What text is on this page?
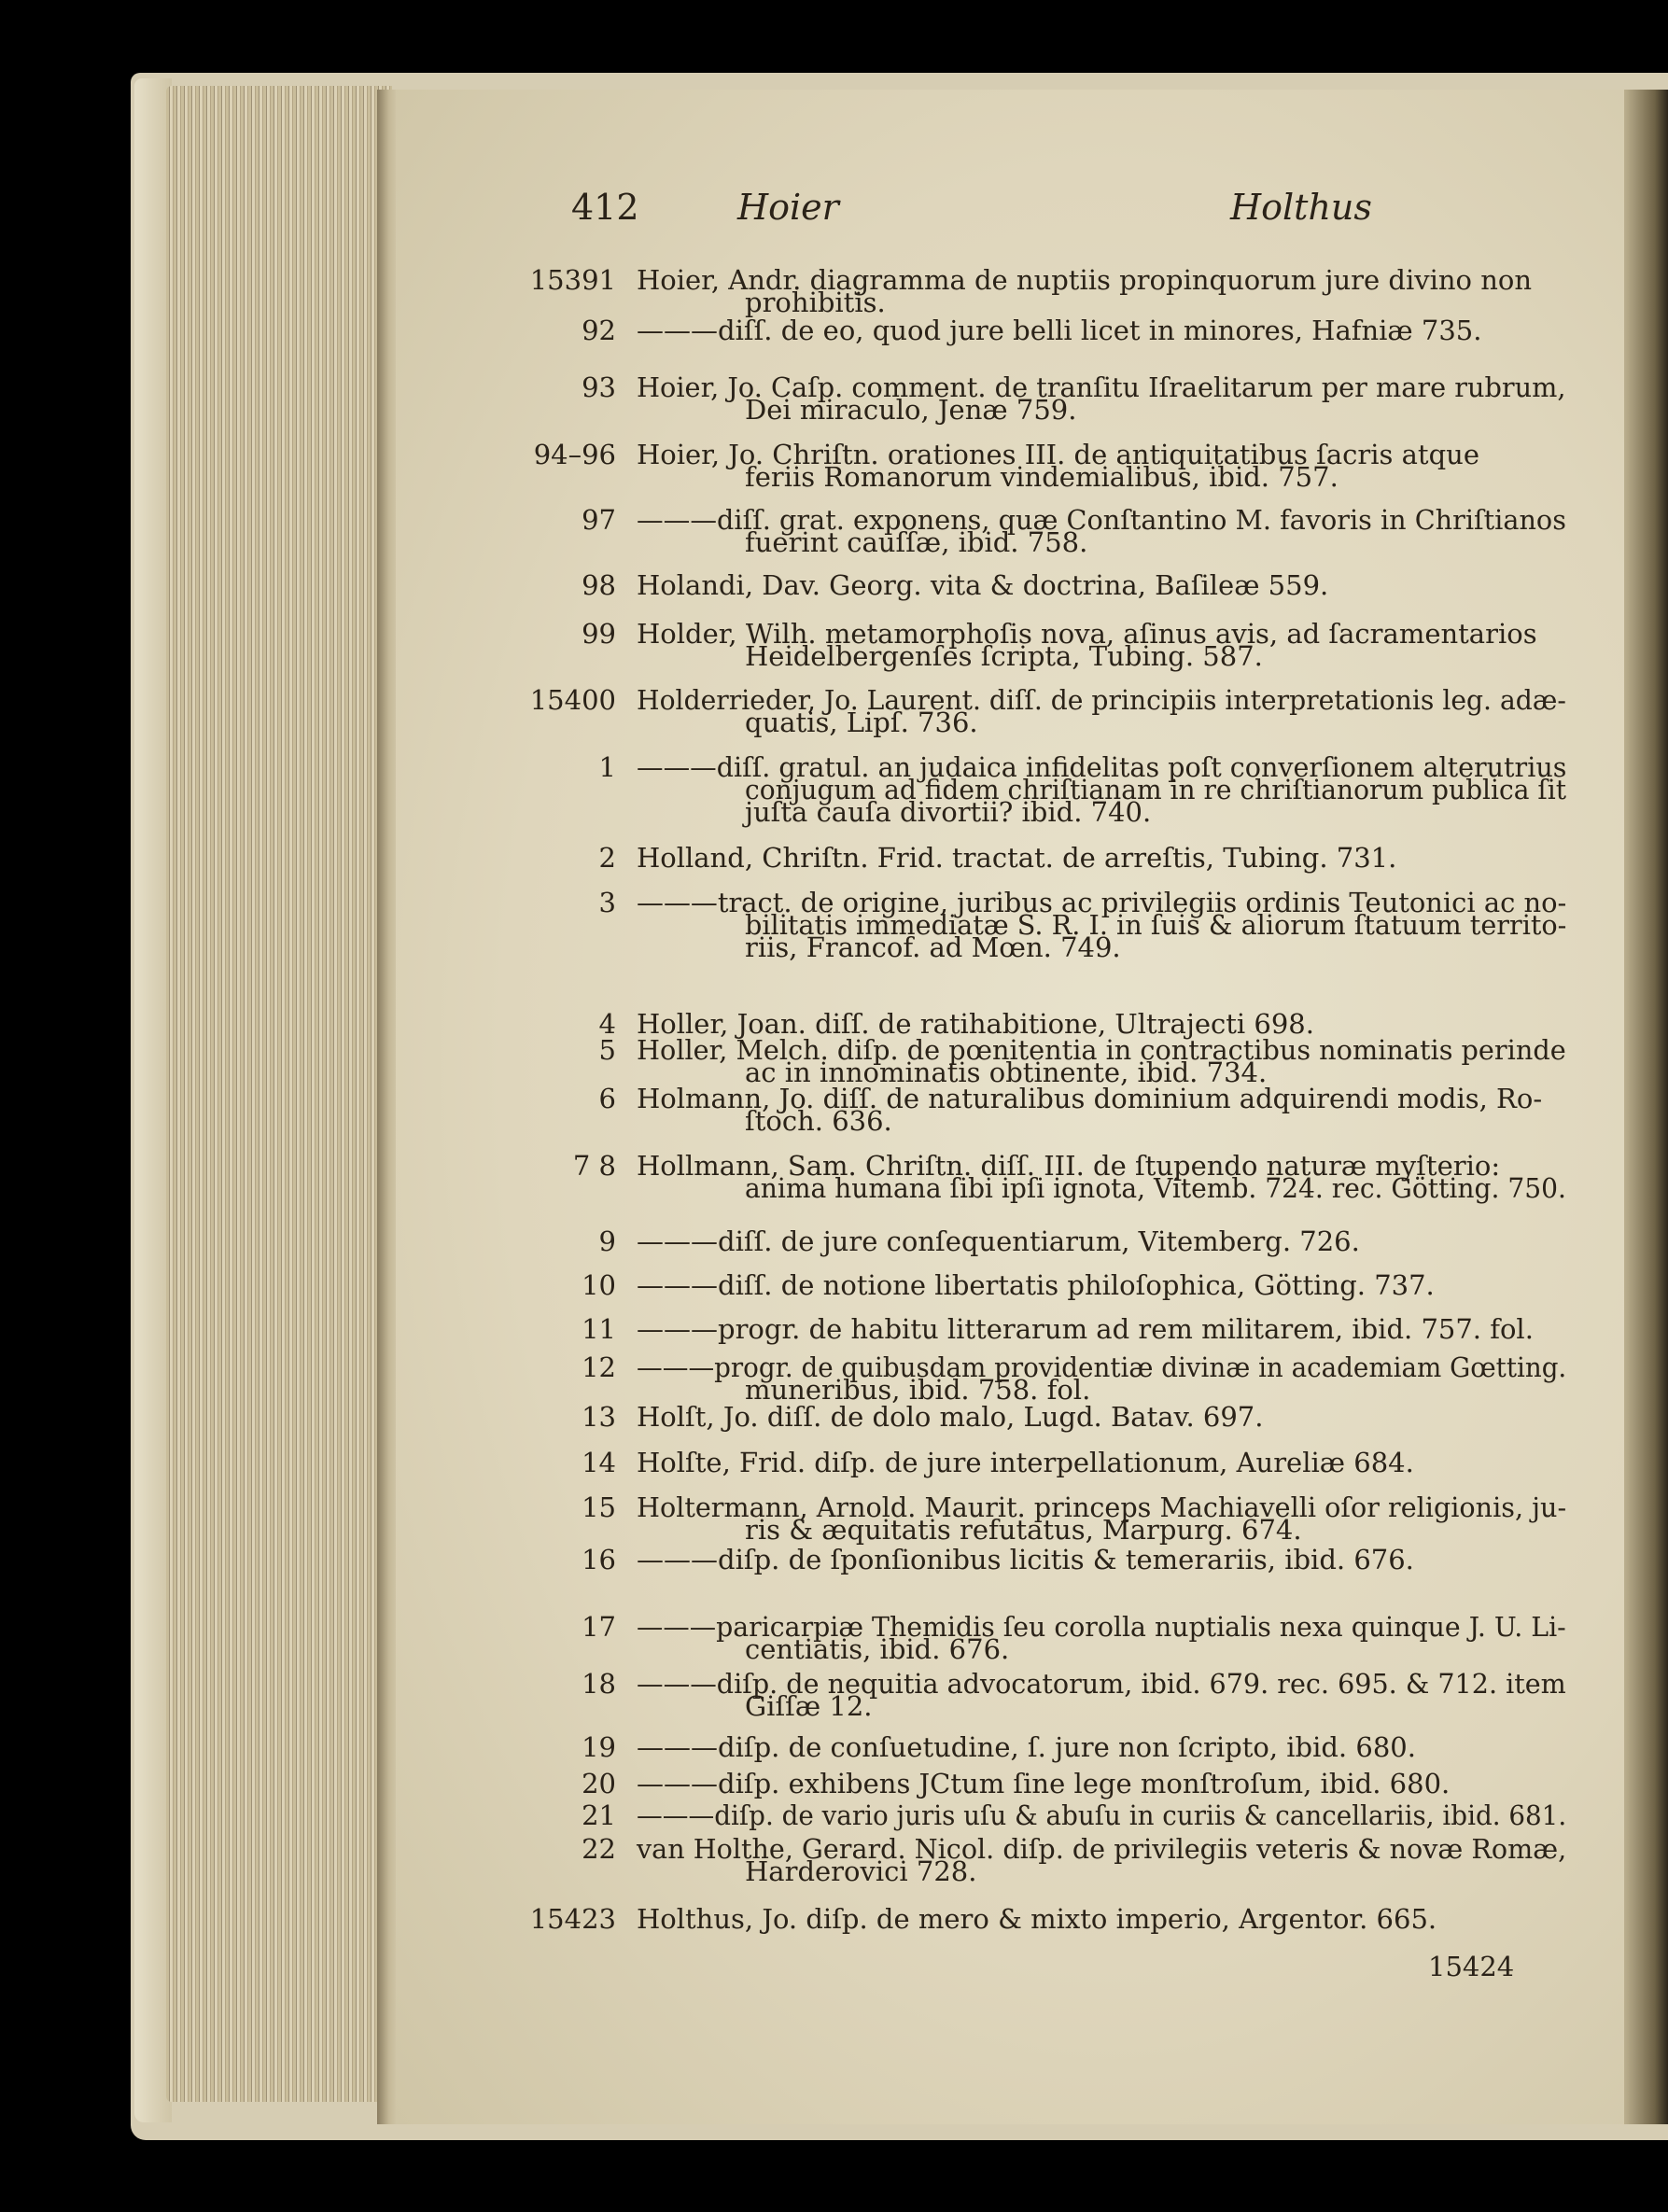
412	Hoier	Holthus
15391 Hoier, Andr. diagramma de nuptiis propinquorum jure divino non
prohibitis.
92 ———diſſ. de eo, quod jure belli licet in minores, Hafniæ 735.
93 Hoier, Jo. Caſp. comment. de tranſitu Iſraelitarum per mare rubrum,
Dei miraculo, Jenæ 759.
94–96 Hoier, Jo. Chriſtn. orationes III. de antiquitatibus ſacris atque
feriis Romanorum vindemialibus, ibid. 757.
97 ———diſſ. grat. exponens, quæ Conſtantino M. favoris in Chriſtianos
fuerint cauſſæ, ibid. 758.
98 Holandi, Dav. Georg. vita & doctrina, Baſileæ 559.
99 Holder, Wilh. metamorphoſis nova, aſinus avis, ad ſacramentarios
Heidelbergenſes ſcripta, Tubing. 587.
15400 Holderrieder, Jo. Laurent. diſſ. de principiis interpretationis leg. adæ-
quatis, Lipſ. 736.
1 ———diſſ. gratul. an judaica infidelitas poſt converſionem alterutrius
conjugum ad fidem chriſtianam in re chriſtianorum publica ſit
juſta cauſa divortii? ibid. 740.
2 Holland, Chriſtn. Frid. tractat. de arreſtis, Tubing. 731.
3 ———tract. de origine, juribus ac privilegiis ordinis Teutonici ac no-
bilitatis immediatæ S. R. I. in ſuis & aliorum ſtatuum territo-
riis, Francof. ad Mœn. 749.
4 Holler, Joan. diſſ. de ratihabitione, Ultrajecti 698.
5 Holler, Melch. diſp. de pœnitentia in contractibus nominatis perinde
ac in innominatis obtinente, ibid. 734.
6 Holmann, Jo. diſſ. de naturalibus dominium adquirendi modis, Ro-
ſtoch. 636.
7 8 Hollmann, Sam. Chriſtn. diſſ. III. de ſtupendo naturæ myſterio:
anima humana ſibi ipſi ignota, Vitemb. 724. rec. Götting. 750.
9 ———diſſ. de jure conſequentiarum, Vitemberg. 726.
10 ———diſſ. de notione libertatis philoſophica, Götting. 737.
11 ———progr. de habitu litterarum ad rem militarem, ibid. 757. fol.
12 ———progr. de quibusdam providentiæ divinæ in academiam Gœtting.
muneribus, ibid. 758. fol.
13 Holſt, Jo. diſſ. de dolo malo, Lugd. Batav. 697.
14 Holſte, Frid. diſp. de jure interpellationum, Aureliæ 684.
15 Holtermann, Arnold. Maurit. princeps Machiavelli oſor religionis, ju-
ris & æquitatis refutatus, Marpurg. 674.
16 ———diſp. de ſponſionibus licitis & temerariis, ibid. 676.
17 ———paricarpiæ Themidis ſeu corolla nuptialis nexa quinque J. U. Li-
centiatis, ibid. 676.
18 ———diſp. de nequitia advocatorum, ibid. 679. rec. 695. & 712. item
Giſſæ 12.
19 ———diſp. de conſuetudine, ſ. jure non ſcripto, ibid. 680.
20 ———diſp. exhibens JCtum ſine lege monſtroſum, ibid. 680.
21 ———diſp. de vario juris uſu & abuſu in curiis & cancellariis, ibid. 681.
22 van Holthe, Gerard. Nicol. diſp. de privilegiis veteris & novæ Romæ,
Harderovici 728.
15423 Holthus, Jo. diſp. de mero & mixto imperio, Argentor. 665.
15424
